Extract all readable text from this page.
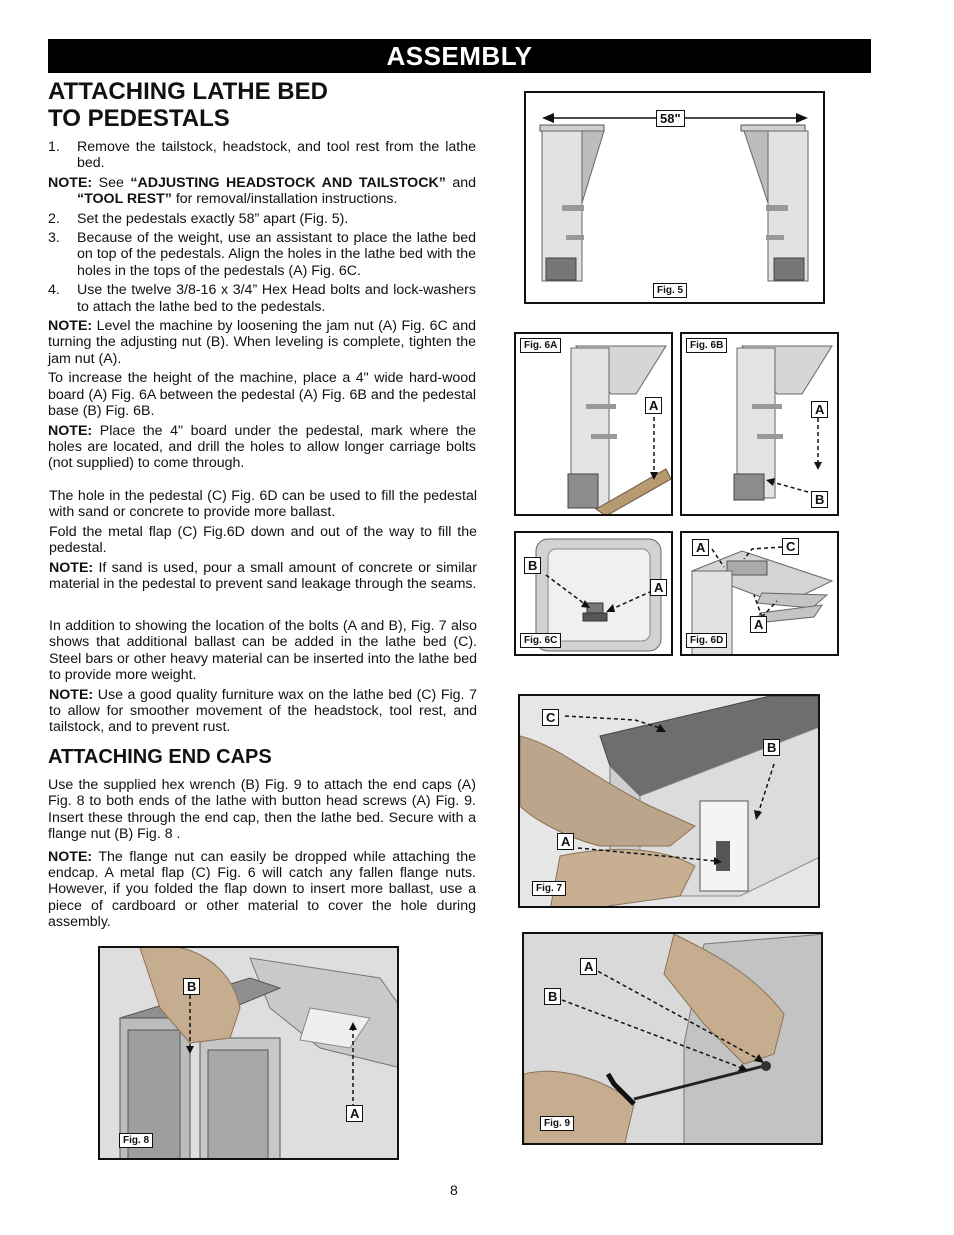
ASSEMBLY
ATTACHING LATHE BED
TO PEDESTALS
1.	Remove the tailstock, headstock, and tool rest from the lathe bed.

NOTE: See “ADJUSTING HEADSTOCK AND TAILSTOCK” and “TOOL REST” for removal/installation instructions.

2.	Set the pedestals exactly 58” apart (Fig. 5).
3.	Because of the weight, use an assistant to place the lathe bed on top of the pedestals. Align the holes in the lathe bed with the holes in the tops of the pedestals (A) Fig. 6C.
4.	Use the twelve 3/8-16 x 3/4” Hex Head bolts and lock-washers to attach the lathe bed to the pedestals.

NOTE: Level the machine by loosening the jam nut (A) Fig. 6C and turning the adjusting nut (B). When leveling is complete, tighten the jam nut (A).

To increase the height of the machine, place a 4" wide hard-wood board (A) Fig. 6A between the pedestal (A) Fig. 6B and the pedestal base (B) Fig. 6B.

NOTE: Place the 4" board under the pedestal, mark where the holes are located, and drill the holes to allow longer carriage bolts (not supplied) to come through.

The hole in the pedestal (C) Fig. 6D can be used to fill the pedestal with sand or concrete to provide more ballast.

Fold the metal flap (C) Fig.6D down and out of the way to fill the pedestal.

NOTE: If sand is used, pour a small amount of concrete or similar material in the pedestal to prevent sand leakage through the seams.

In addition to showing the location of the bolts (A and B), Fig. 7 also shows that additional ballast can be added in the lathe bed (C). Steel bars or other heavy material can be inserted into the lathe bed to provide more weight.

NOTE: Use a good quality furniture wax on the lathe bed (C) Fig. 7 to allow for smoother movement of the headstock, tool rest, and tailstock, and to prevent rust.

ATTACHING END CAPS

Use the supplied hex wrench (B) Fig. 9 to attach the end caps (A) Fig. 8 to both ends of the lathe with button head screws (A) Fig. 9. Insert these through the end cap, then the lathe bed. Secure with a flange nut (B) Fig. 8 .

NOTE: The flange nut can easily be dropped while attaching the endcap. A metal flap (C) Fig. 6 will catch any fallen flange nuts. However, if you folded the flap down to insert more ballast, use a piece of cardboard or other material to cover the hole during assembly.

58"
Fig. 5
Fig. 6A
A
Fig. 6B
A
B
Fig. 6C
B
A
Fig. 6D
A	C
A
C
B
A
Fig. 7
B
A
Fig. 8
A
B
Fig. 9
8
